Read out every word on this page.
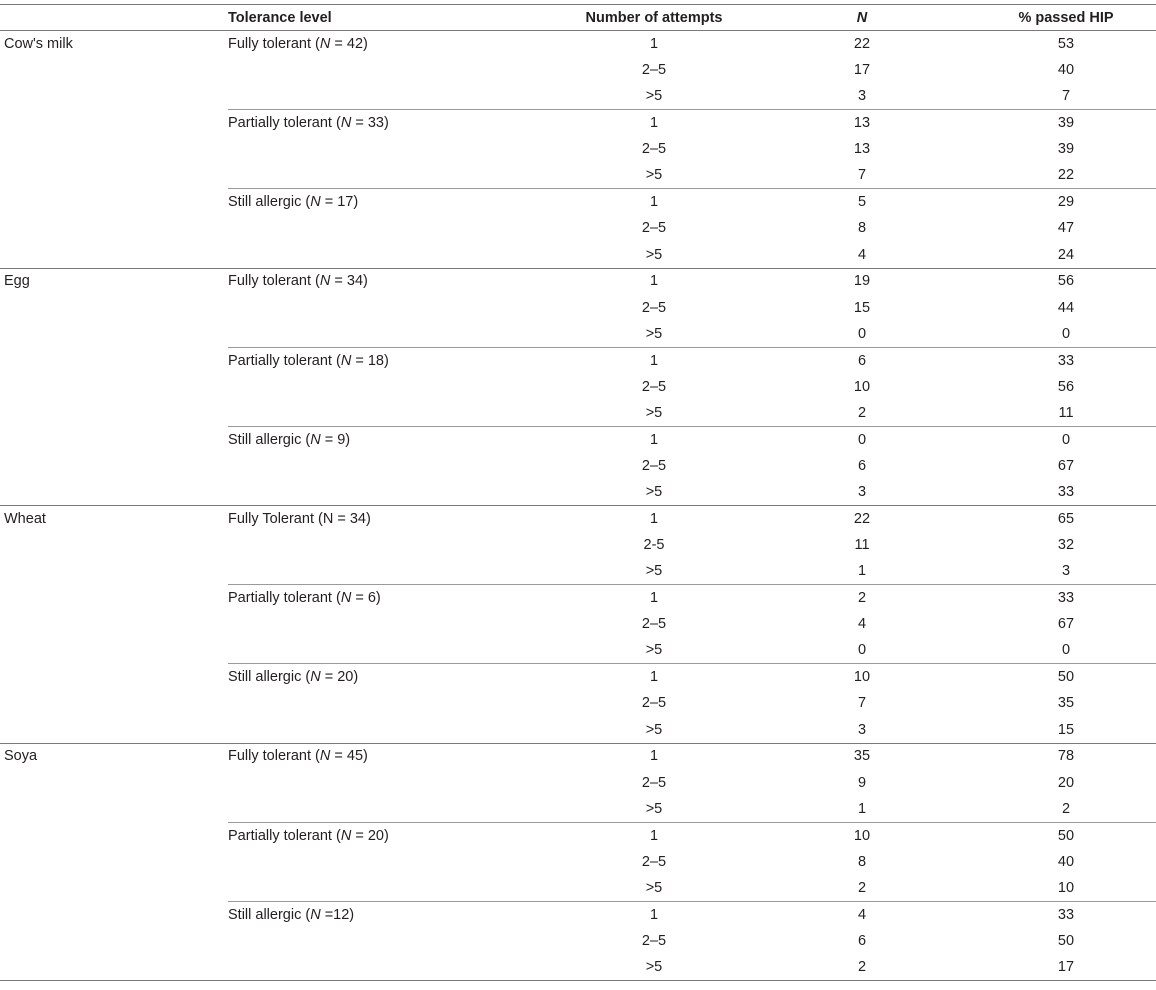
	Tolerance level	Number of attempts	N	% passed HIP
Cow's milk	Fully tolerant (N = 42)	1	22	53
		2–5	17	40
		>5	3	7
	Partially tolerant (N = 33)	1	13	39
		2–5	13	39
		>5	7	22
	Still allergic (N = 17)	1	5	29
		2–5	8	47
		>5	4	24
Egg	Fully tolerant (N = 34)	1	19	56
		2–5	15	44
		>5	0	0
	Partially tolerant (N = 18)	1	6	33
		2–5	10	56
		>5	2	11
	Still allergic (N = 9)	1	0	0
		2–5	6	67
		>5	3	33
Wheat	Fully Tolerant (N = 34)	1	22	65
		2-5	11	32
		>5	1	3
	Partially tolerant (N = 6)	1	2	33
		2–5	4	67
		>5	0	0
	Still allergic (N = 20)	1	10	50
		2–5	7	35
		>5	3	15
Soya	Fully tolerant (N = 45)	1	35	78
		2–5	9	20
		>5	1	2
	Partially tolerant (N = 20)	1	10	50
		2–5	8	40
		>5	2	10
	Still allergic (N =12)	1	4	33
		2–5	6	50
		>5	2	17
